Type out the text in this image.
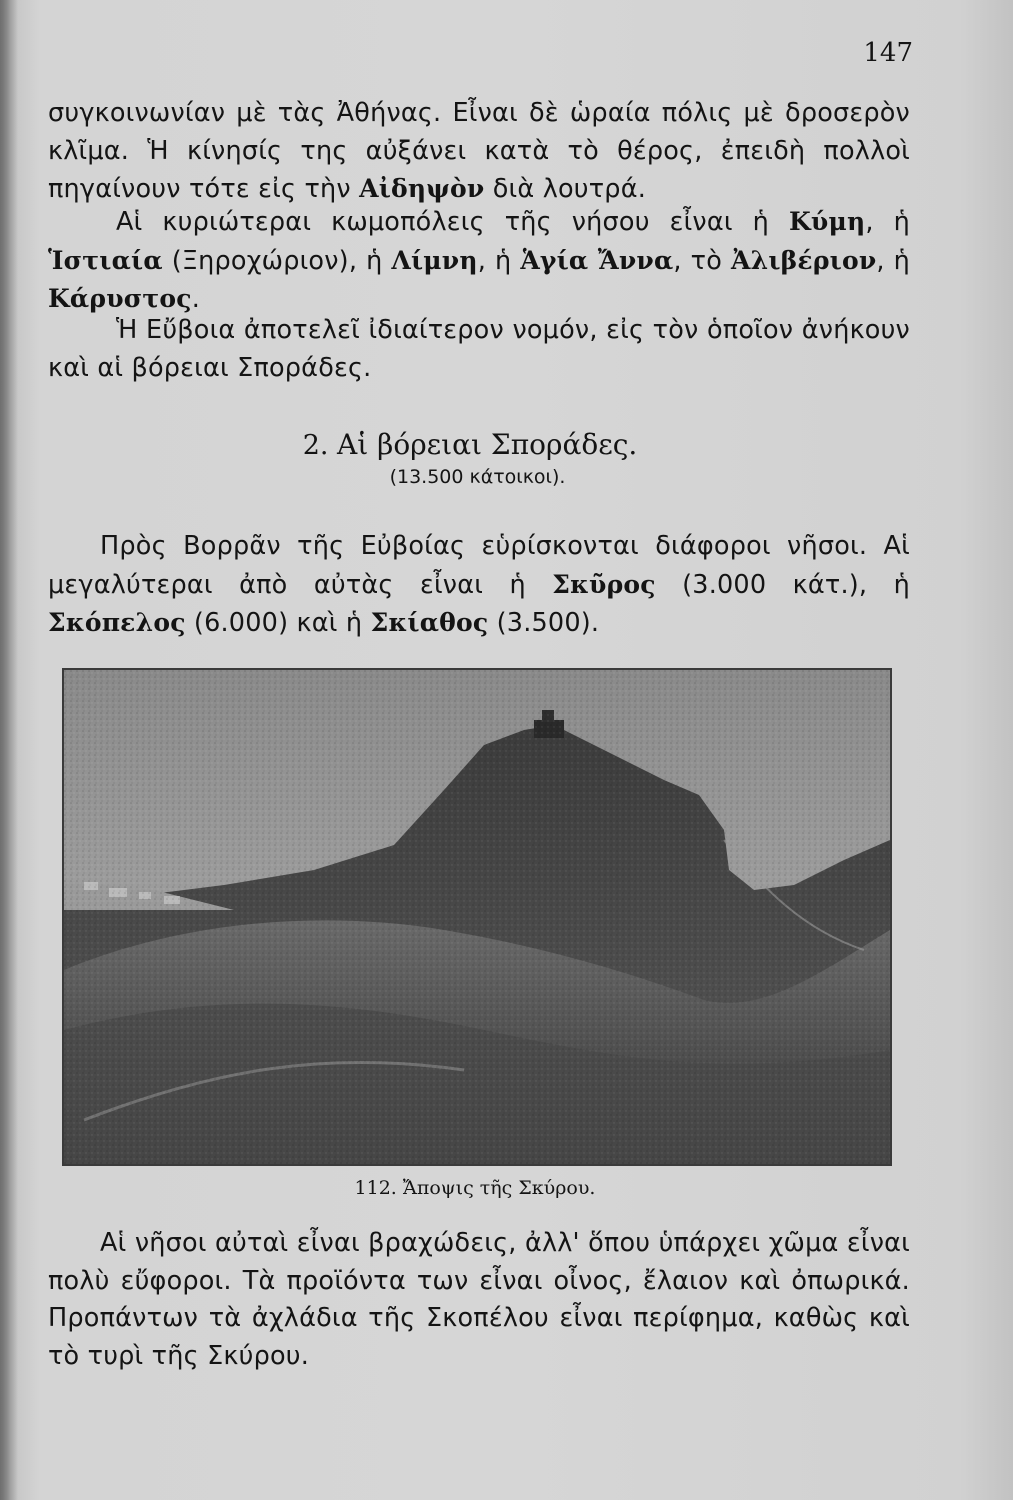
147

συγκοινωνίαν μὲ τὰς Ἀθήνας. Εἶναι δὲ ὡραία πόλις μὲ δροσερὸν κλῖμα. Ἡ κίνησίς της αὐξάνει κατὰ τὸ θέρος, ἐπειδὴ πολλοὶ πηγαίνουν τότε εἰς τὴν Αἰδηψὸν διὰ λουτρά.

Αἱ κυριώτεραι κωμοπόλεις τῆς νήσου εἶναι ἡ Κύμη, ἡ Ἱστιαία (Ξηροχώριον), ἡ Λίμνη, ἡ Ἁγία Ἄννα, τὸ Ἀλιβέριον, ἡ Κάρυστος.

Ἡ Εὔβοια ἀποτελεῖ ἰδιαίτερον νομόν, εἰς τὸν ὁποῖον ἀνήκουν καὶ αἱ βόρειαι Σποράδες.

2. Αἱ βόρειαι Σποράδες.
(13.500 κάτοικοι).

Πρὸς Βορρᾶν τῆς Εὐβοίας εὑρίσκονται διάφοροι νῆσοι. Αἱ μεγαλύτεραι ἀπὸ αὐτὰς εἶναι ἡ Σκῦρος (3.000 κάτ.), ἡ Σκόπελος (6.000) καὶ ἡ Σκίαθος (3.500).

112. Ἄποψις τῆς Σκύρου.

Αἱ νῆσοι αὐταὶ εἶναι βραχώδεις, ἀλλ' ὅπου ὑπάρχει χῶμα εἶναι πολὺ εὔφοροι. Τὰ προϊόντα των εἶναι οἶνος, ἔλαιον καὶ ὀπωρικά. Προπάντων τὰ ἀχλάδια τῆς Σκοπέλου εἶναι περίφημα, καθὼς καὶ τὸ τυρὶ τῆς Σκύρου.
